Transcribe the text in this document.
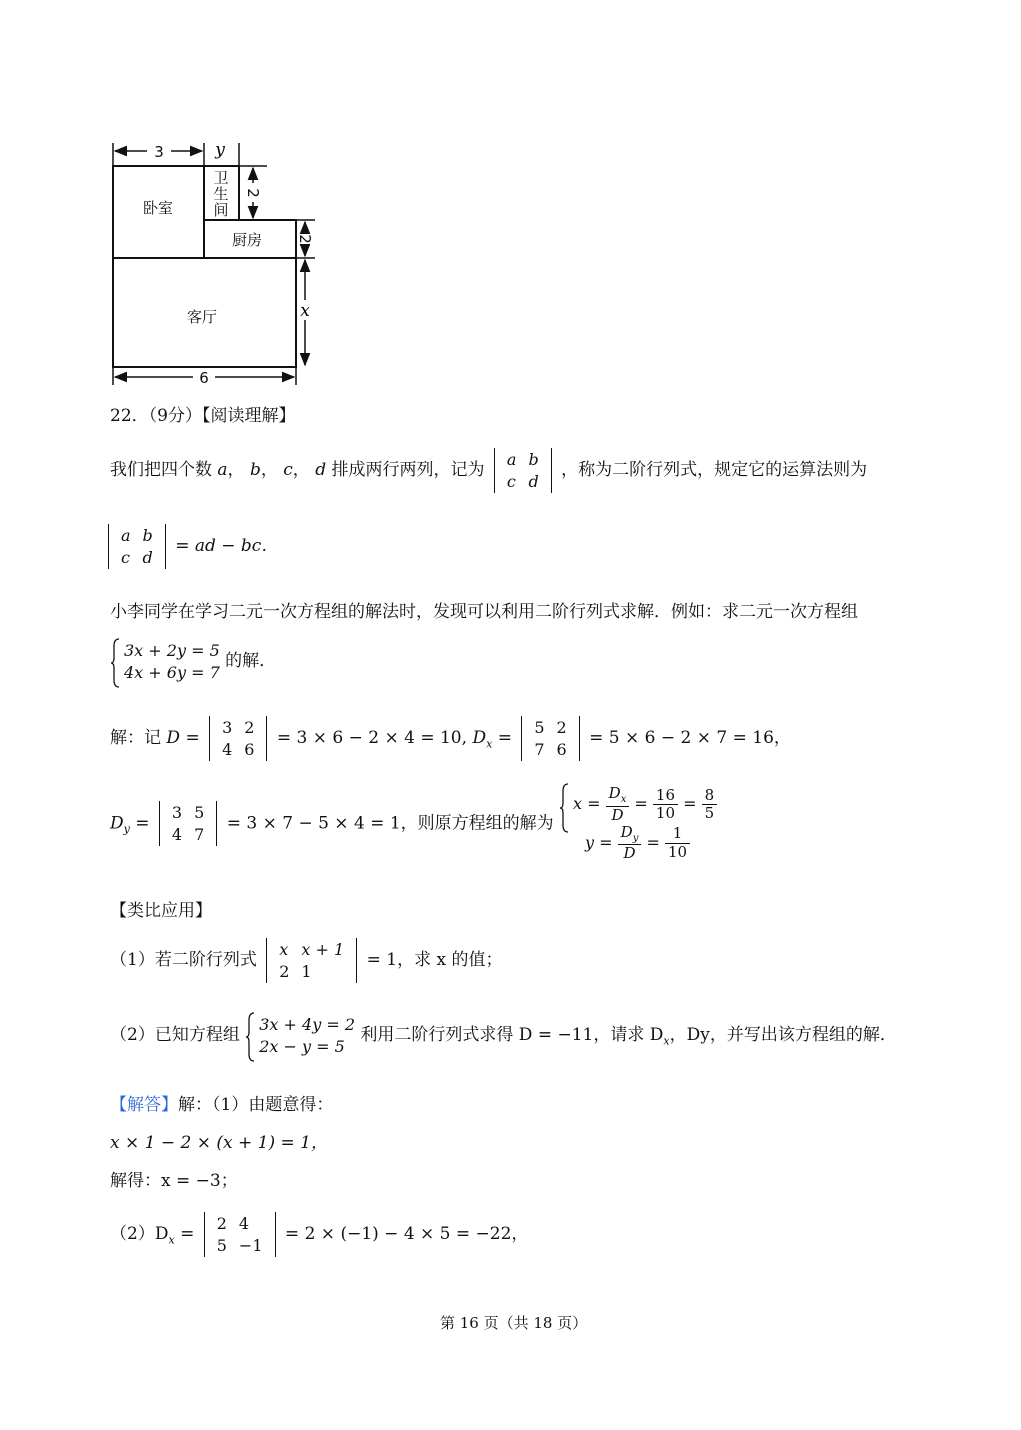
3	y
2
2
x
6
卧室
卫
生
间
厨房
客厅
22．（9分）【阅读理解】
我们把四个数 a， b， c， d 排成两行两列，记为
a	b
c	d
，称为二阶行列式，规定它的运算法则为
a	b
c	d
= ad − bc．
小李同学在学习二元一次方程组的解法时，发现可以利用二阶行列式求解．例如：求二元一次方程组
3x + 2y = 5
4x + 6y = 7 的解．
解：记 D =
3	2
4	6
= 3 × 6 − 2 × 4 = 10, $D_x$ =
5	2
7	6
= 5 × 6 − 2 × 7 = 16，
$D_y$ =
3	5
4	7
= 3 × 7 − 5 × 4 = 1，则原方程组的解为
$x = \frac{D_x}{D} = \frac{16}{10} = \frac{8}{5}$
$y = \frac{D_y}{D} = \frac{1}{10}$
【类比应用】
（1）若二阶行列式
x	x + 1
2	1
= 1，求 x 的值；
（2）已知方程组
3x + 4y = 2
2x − y = 5 利用二阶行列式求得 D = −11，请求 $D_x$，Dy，并写出该方程组的解．
【解答】解：（1）由题意得：
x × 1 − 2 × (x + 1) = 1，
解得：x = −3；
$(2)D_x$ =
2	4
5	−1
= 2 × (−1) − 4 × 5 = −22，
第 16 页（共 18 页）
